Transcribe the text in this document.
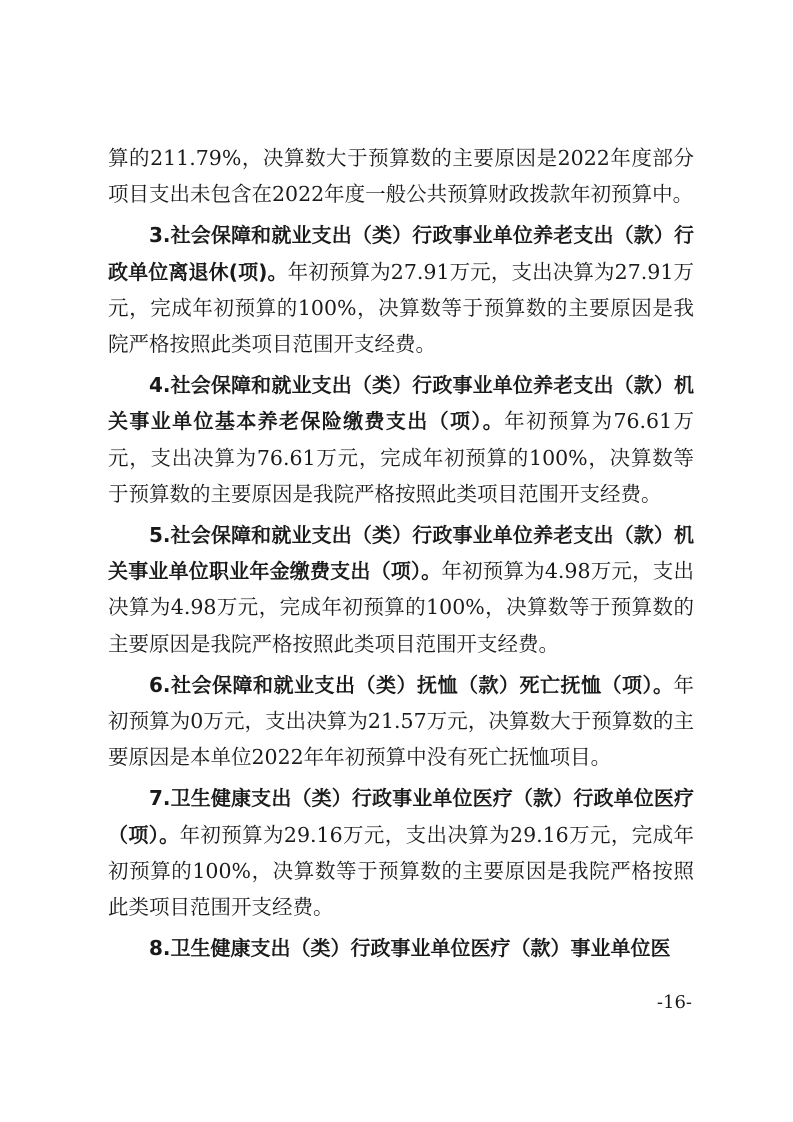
算的211.79%，决算数大于预算数的主要原因是2022年度部分项目支出未包含在2022年度一般公共预算财政拨款年初预算中。

3.社会保障和就业支出（类）行政事业单位养老支出（款）行政单位离退休(项)。年初预算为27.91万元，支出决算为27.91万元，完成年初预算的100%，决算数等于预算数的主要原因是我院严格按照此类项目范围开支经费。

4.社会保障和就业支出（类）行政事业单位养老支出（款）机关事业单位基本养老保险缴费支出（项）。年初预算为76.61万元，支出决算为76.61万元，完成年初预算的100%，决算数等于预算数的主要原因是我院严格按照此类项目范围开支经费。

5.社会保障和就业支出（类）行政事业单位养老支出（款）机关事业单位职业年金缴费支出（项）。年初预算为4.98万元，支出决算为4.98万元，完成年初预算的100%，决算数等于预算数的主要原因是我院严格按照此类项目范围开支经费。

6.社会保障和就业支出（类）抚恤（款）死亡抚恤（项）。年初预算为0万元，支出决算为21.57万元，决算数大于预算数的主要原因是本单位2022年年初预算中没有死亡抚恤项目。

7.卫生健康支出（类）行政事业单位医疗（款）行政单位医疗（项）。年初预算为29.16万元，支出决算为29.16万元，完成年初预算的100%，决算数等于预算数的主要原因是我院严格按照此类项目范围开支经费。

8.卫生健康支出（类）行政事业单位医疗（款）事业单位医

-16-
